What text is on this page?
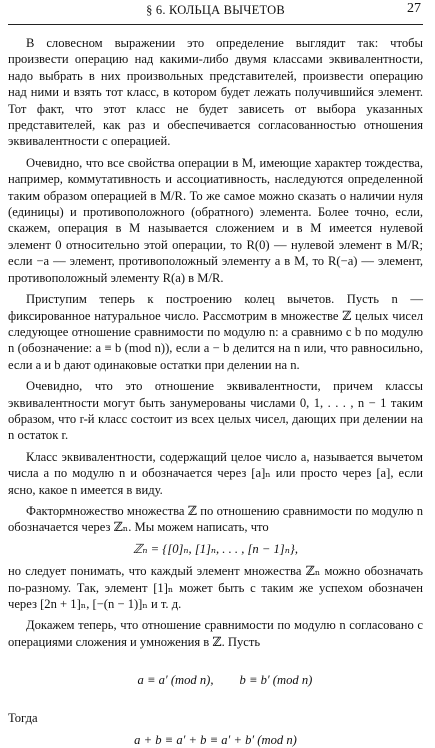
§ 6. КОЛЬЦА ВЫЧЕТОВ	27

В словесном выражении это определение выглядит так: чтобы произвести операцию над какими-либо двумя классами эквивалентности, надо выбрать в них произвольных представителей, произвести операцию над ними и взять тот класс, в котором будет лежать получившийся элемент. Тот факт, что этот класс не будет зависеть от выбора указанных представителей, как раз и обеспечивается согласованностью отношения эквивалентности с операцией.

Очевидно, что все свойства операции в M, имеющие характер тождества, например, коммутативность и ассоциативность, наследуются определенной таким образом операцией в M/R. То же самое можно сказать о наличии нуля (единицы) и противоположного (обратного) элемента. Более точно, если, скажем, операция в M называется сложением и в M имеется нулевой элемент 0 относительно этой операции, то R(0) — нулевой элемент в M/R; если −a — элемент, противоположный элементу a в M, то R(−a) — элемент, противоположный элементу R(a) в M/R.

Приступим теперь к построению колец вычетов. Пусть n — фиксированное натуральное число. Рассмотрим в множестве ℤ целых чисел следующее отношение сравнимости по модулю n: a сравнимо с b по модулю n (обозначение: a ≡ b (mod n)), если a − b делится на n или, что равносильно, если a и b дают одинаковые остатки при делении на n.

Очевидно, что это отношение эквивалентности, причем классы эквивалентности могут быть занумерованы числами 0, 1, . . . , n − 1 таким образом, что r-й класс состоит из всех целых чисел, дающих при делении на n остаток r.

Класс эквивалентности, содержащий целое число a, называется вычетом числа a по модулю n и обозначается через [a]ₙ или просто через [a], если ясно, какое n имеется в виду.

Фактормножество множества ℤ по отношению сравнимости по модулю n обозначается через ℤₙ. Мы можем написать, что

ℤₙ = {[0]ₙ, [1]ₙ, . . . , [n − 1]ₙ},

но следует понимать, что каждый элемент множества ℤₙ можно обозначать по-разному. Так, элемент [1]ₙ может быть с таким же успехом обозначен через [2n + 1]ₙ, [−(n − 1)]ₙ и т. д.

Докажем теперь, что отношение сравнимости по модулю n согласовано с операциями сложения и умножения в ℤ. Пусть

a ≡ a′ (mod n), b ≡ b′ (mod n)

Тогда

a + b ≡ a′ + b ≡ a′ + b′ (mod n)
